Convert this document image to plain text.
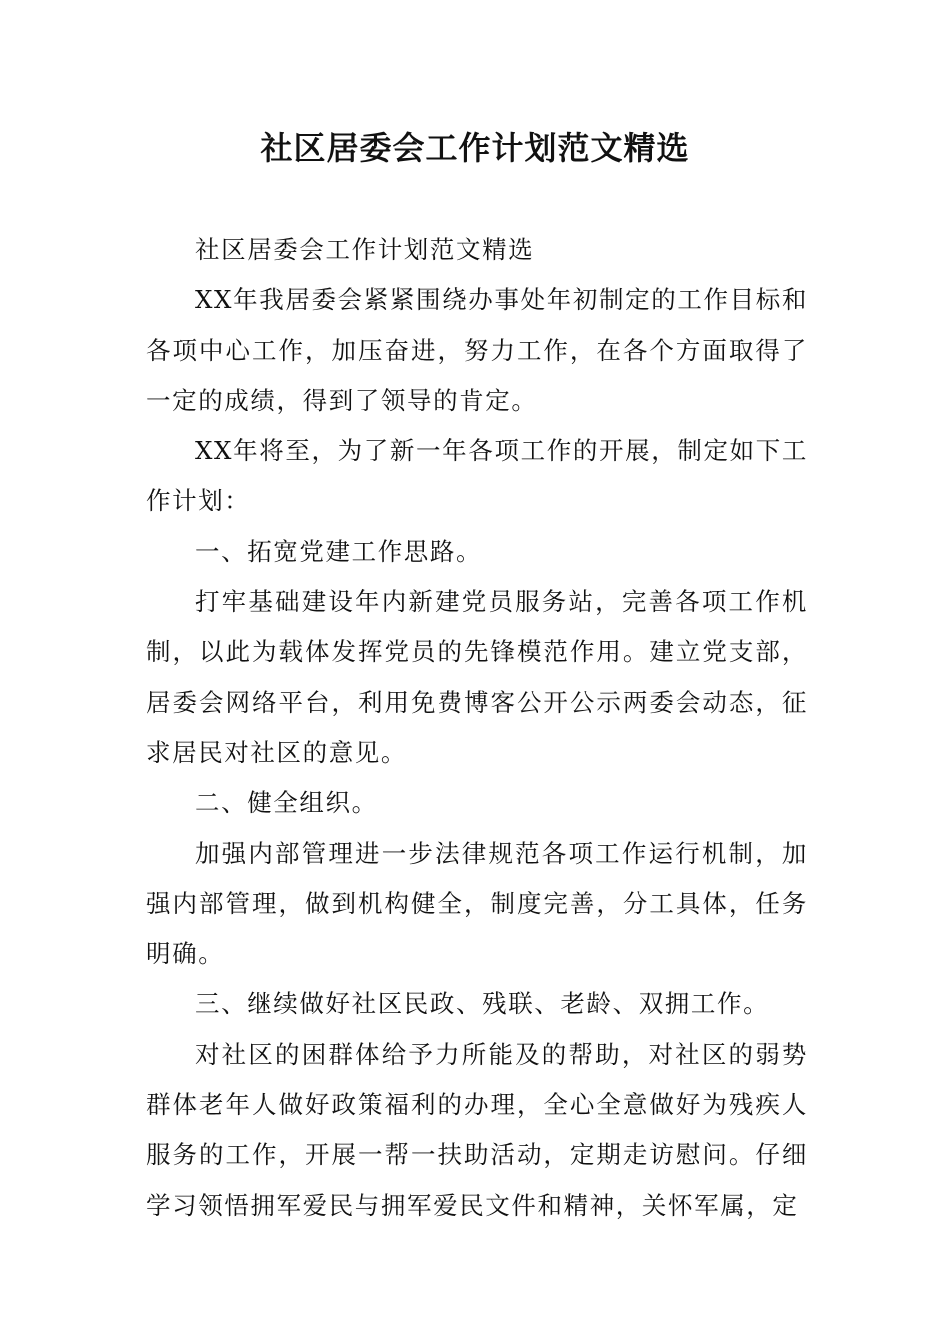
社区居委会工作计划范文精选

社区居委会工作计划范文精选

XX年我居委会紧紧围绕办事处年初制定的工作目标和各项中心工作，加压奋进，努力工作，在各个方面取得了一定的成绩，得到了领导的肯定。

XX年将至，为了新一年各项工作的开展，制定如下工作计划：

一、拓宽党建工作思路。

打牢基础建设年内新建党员服务站，完善各项工作机制，以此为载体发挥党员的先锋模范作用。建立党支部，居委会网络平台，利用免费博客公开公示两委会动态，征求居民对社区的意见。

二、健全组织。

加强内部管理进一步法律规范各项工作运行机制，加强内部管理，做到机构健全，制度完善，分工具体，任务明确。

三、继续做好社区民政、残联、老龄、双拥工作。

对社区的困群体给予力所能及的帮助，对社区的弱势群体老年人做好政策福利的办理，全心全意做好为残疾人服务的工作，开展一帮一扶助活动，定期走访慰问。仔细学习领悟拥军爱民与拥军爱民文件和精神，关怀军属，定
